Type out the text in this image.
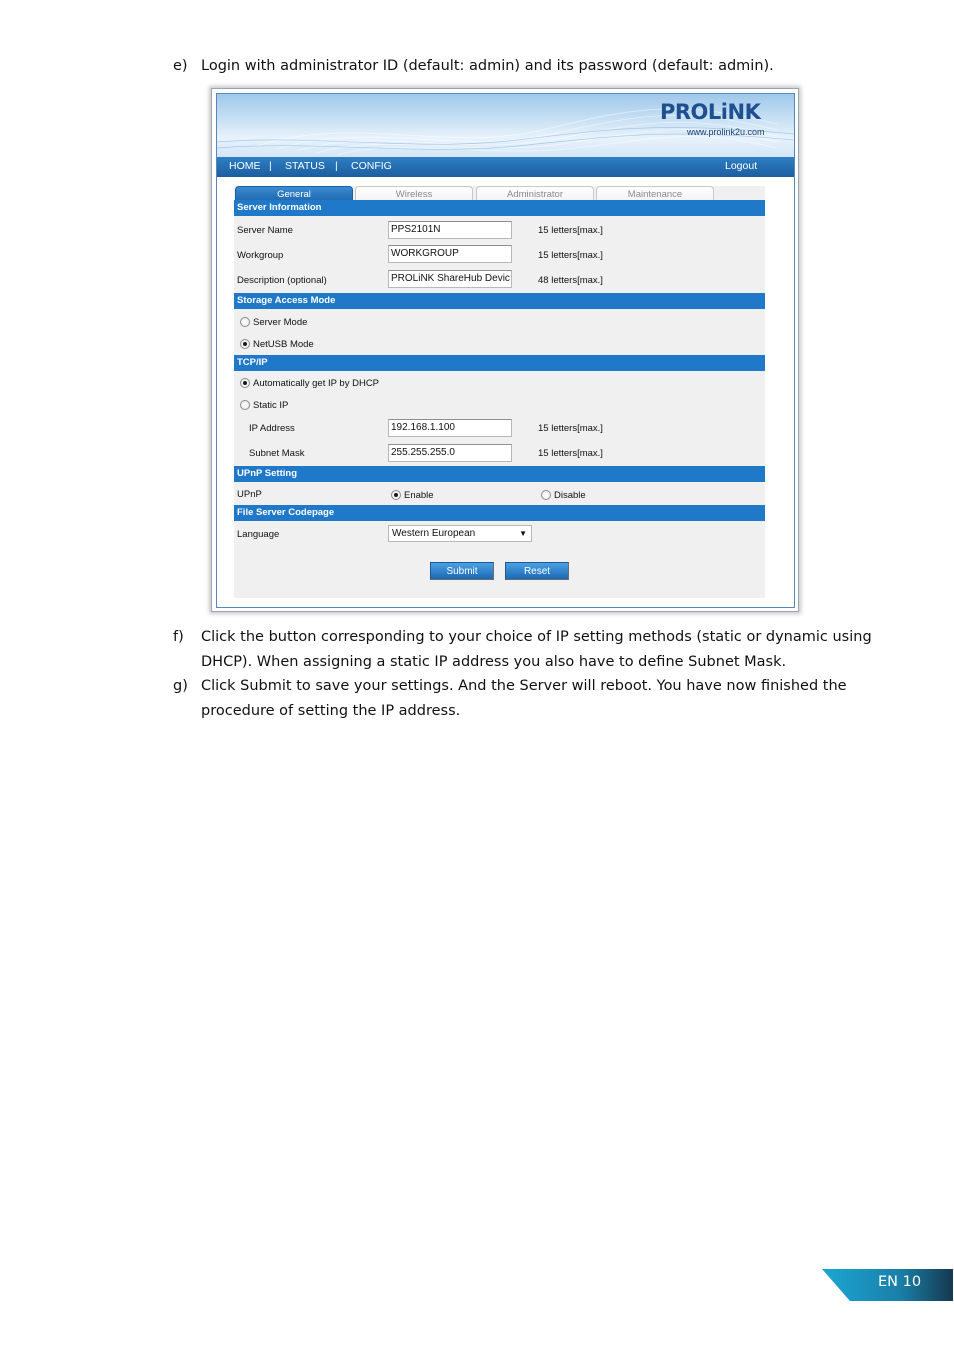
e) Login with administrator ID (default: admin) and its password (default: admin).
PROLiNK
www.prolink2u.com
HOME | STATUS | CONFIG	Logout
General	Wireless	Administrator	Maintenance
Server Information
Server Name	PPS2101N	15 letters[max.]
Workgroup	WORKGROUP	15 letters[max.]
Description (optional)	PROLiNK ShareHub Devic	48 letters[max.]
Storage Access Mode
Server Mode
NetUSB Mode
TCP/IP
Automatically get IP by DHCP
Static IP
IP Address	192.168.1.100	15 letters[max.]
Subnet Mask	255.255.255.0	15 letters[max.]
UPnP Setting
UPnP	Enable	Disable
File Server Codepage
Language	Western European	▼
Submit	Reset
f)	Click the button corresponding to your choice of IP setting methods (static or dynamic using
DHCP). When assigning a static IP address you also have to define Subnet Mask.
g) Click Submit to save your settings. And the Server will reboot. You have now finished the
procedure of setting the IP address.
EN 10
